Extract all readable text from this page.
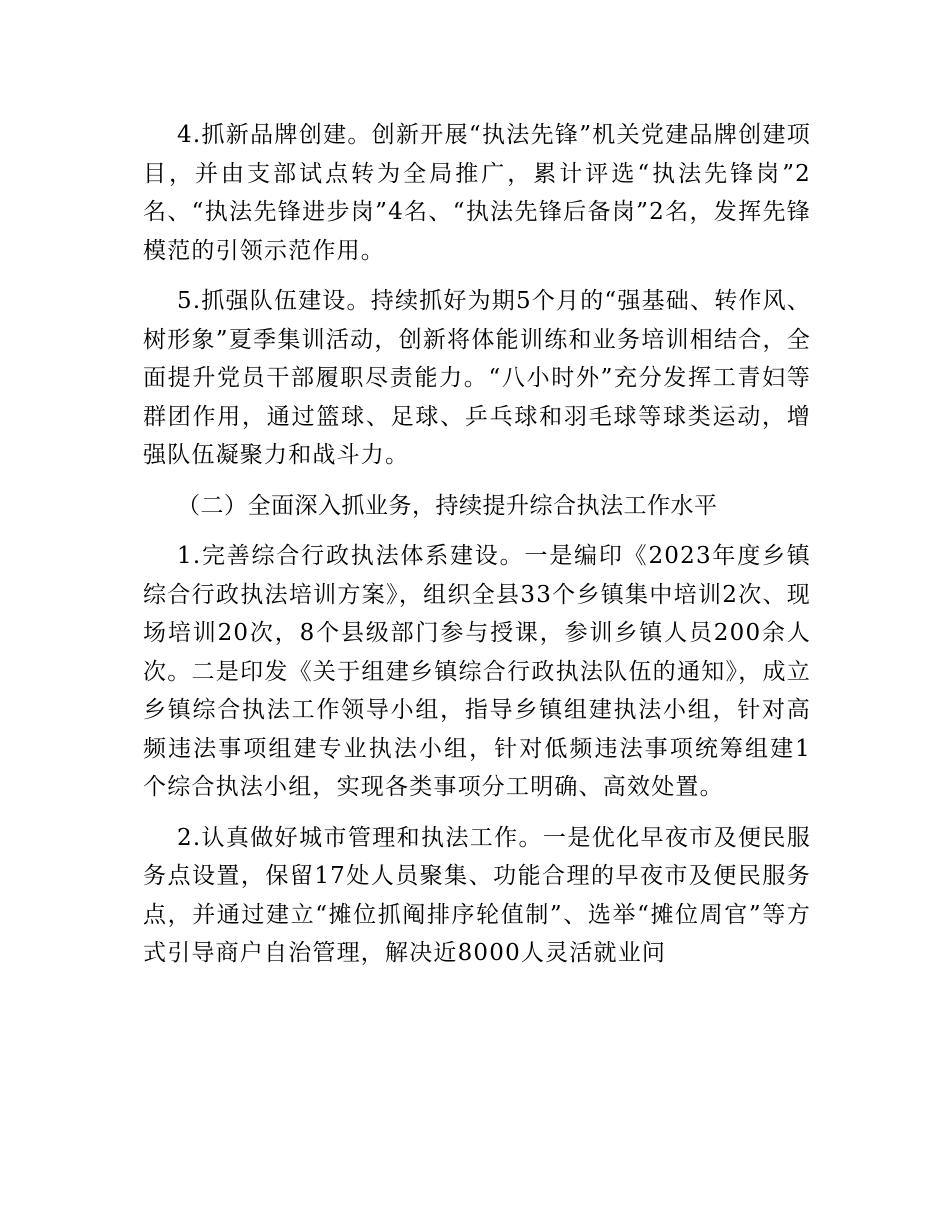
4.抓新品牌创建。创新开展“执法先锋”机关党建品牌创建项目，并由支部试点转为全局推广，累计评选“执法先锋岗”2名、“执法先锋进步岗”4名、“执法先锋后备岗”2名，发挥先锋模范的引领示范作用。

5.抓强队伍建设。持续抓好为期5个月的“强基础、转作风、树形象”夏季集训活动，创新将体能训练和业务培训相结合，全面提升党员干部履职尽责能力。“八小时外”充分发挥工青妇等群团作用，通过篮球、足球、乒乓球和羽毛球等球类运动，增强队伍凝聚力和战斗力。

（二）全面深入抓业务，持续提升综合执法工作水平

1.完善综合行政执法体系建设。一是编印《2023年度乡镇综合行政执法培训方案》，组织全县33个乡镇集中培训2次、现场培训20次，8个县级部门参与授课，参训乡镇人员200余人次。二是印发《关于组建乡镇综合行政执法队伍的通知》，成立乡镇综合执法工作领导小组，指导乡镇组建执法小组，针对高频违法事项组建专业执法小组，针对低频违法事项统筹组建1个综合执法小组，实现各类事项分工明确、高效处置。

2.认真做好城市管理和执法工作。一是优化早夜市及便民服务点设置，保留17处人员聚集、功能合理的早夜市及便民服务点，并通过建立“摊位抓阄排序轮值制”、选举“摊位周官”等方式引导商户自治管理，解决近8000人灵活就业问
